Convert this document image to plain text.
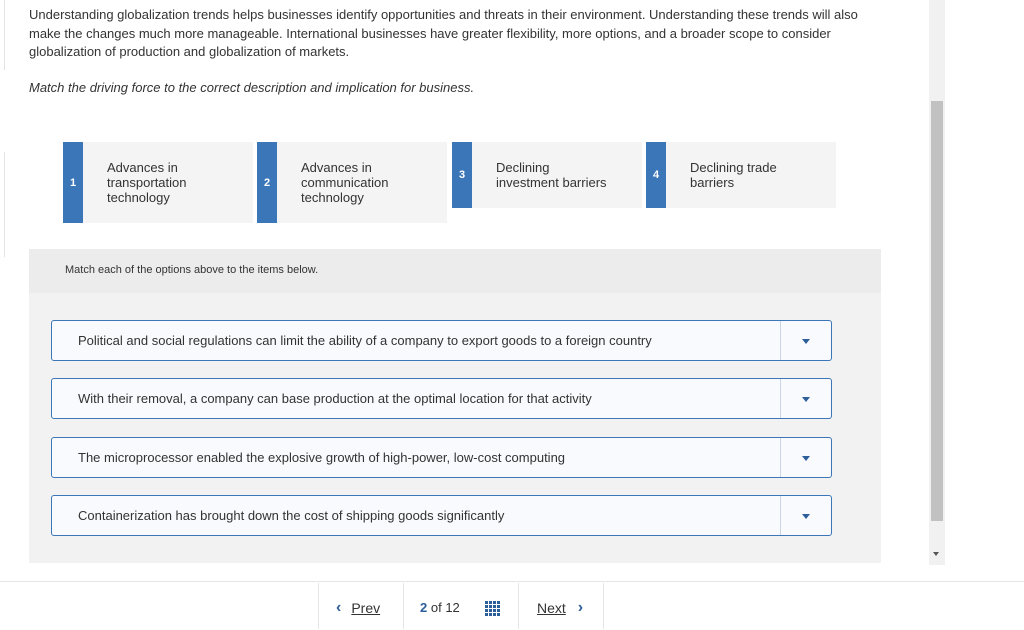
Understanding globalization trends helps businesses identify opportunities and threats in their environment. Understanding these trends will also make the changes much more manageable. International businesses have greater flexibility, more options, and a broader scope to consider globalization of production and globalization of markets.

Match the driving force to the correct description and implication for business.

1
Advances in
transportation
technology
2
Advances in
communication
technology
3	Declining
investment barriers	4	Declining trade
barriers
Match each of the options above to the items below.
Political and social regulations can limit the ability of a company to export goods to a foreign country
With their removal, a company can base production at the optimal location for that activity
The microprocessor enabled the explosive growth of high-power, low-cost computing
Containerization has brought down the cost of shipping goods significantly
‹ Prev	2 of 12	Next ›
